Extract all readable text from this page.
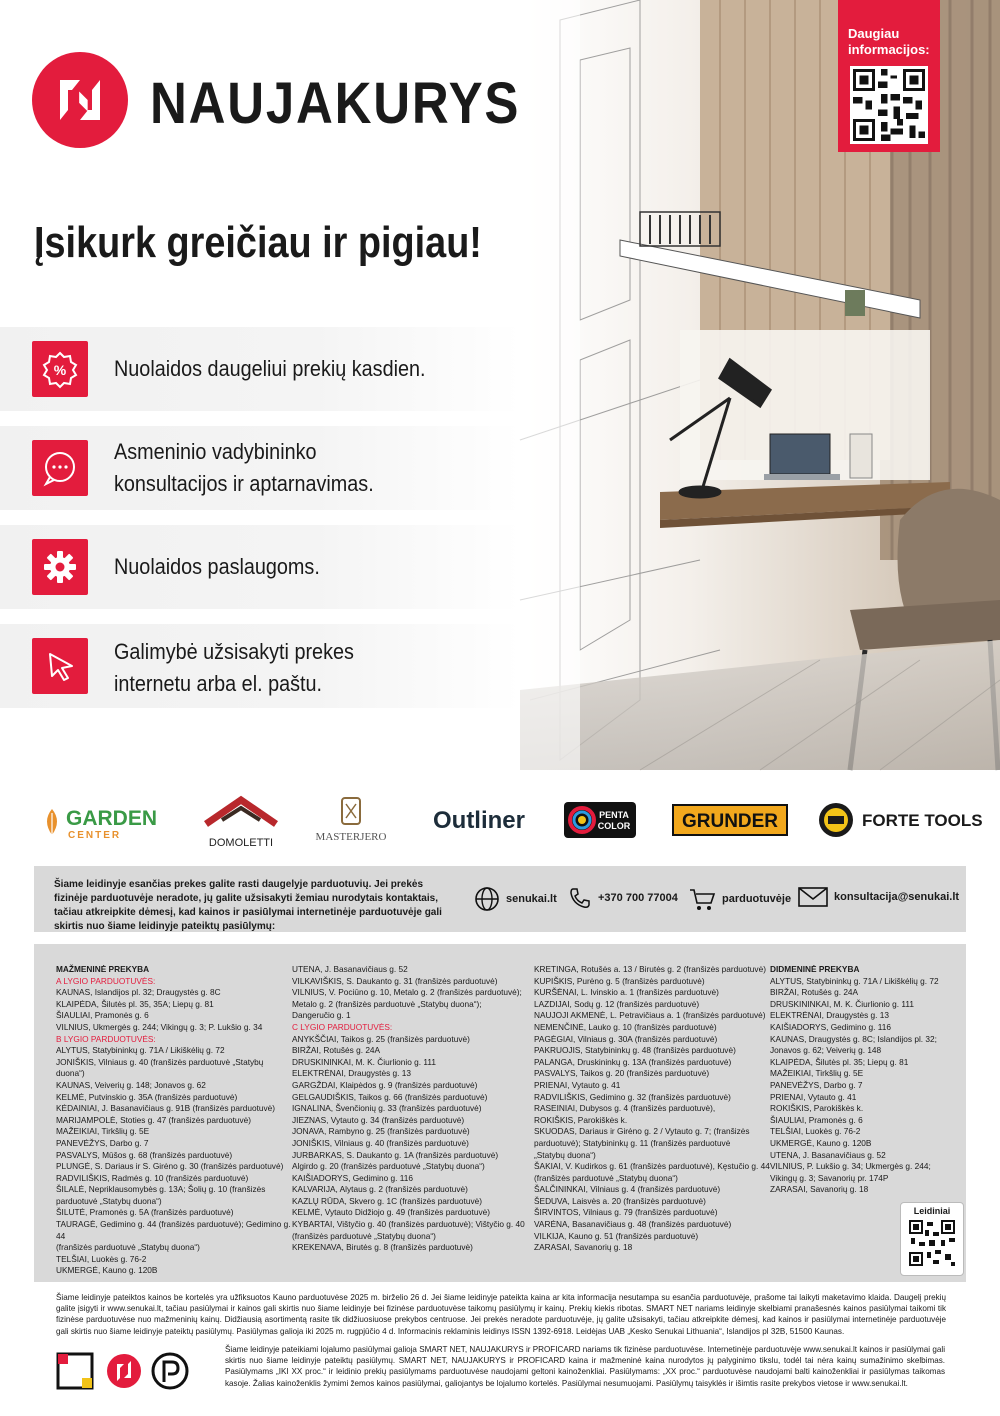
NAUJAKURYS
Daugiau informacijos:
Įsikurk greičiau ir pigiau!
% Nuolaidos daugeliui prekių kasdien.
Asmeninio vadybininko
konsultacijos ir aptarnavimas.
Nuolaidos paslaugoms.
Galimybė užsisakyti prekes
internetu arba el. paštu.
GARDEN
CENTER
DOMOLETTI	MASTERJERO
Outliner	PENTA
COLOR	GRUNDER	FORTE TOOLS
Šiame leidinyje esančias prekes galite rasti daugelyje parduotuvių. Jei prekės fizinėje parduotuvėje neradote, jų galite užsisakyti žemiau nurodytais kontaktais, tačiau atkreipkite dėmesį, kad kainos ir pasiūlymai internetinėje parduotuvėje gali skirtis nuo šiame leidinyje pateiktų pasiūlymų:
senukai.lt	+370 700 77004	parduotuvėje	konsultacija@senukai.lt
MAŽMENINĖ PREKYBA
A LYGIO PARDUOTUVĖS:
KAUNAS, Islandijos pl. 32; Draugystės g. 8C
KLAIPĖDA, Šilutės pl. 35, 35A; Liepų g. 81
ŠIAULIAI, Pramonės g. 6
VILNIUS, Ukmergės g. 244; Vikingų g. 3; P. Lukšio g. 34
B LYGIO PARDUOTUVĖS:
ALYTUS, Statybininkų g. 71A / Likiškėlių g. 72
JONIŠKIS, Vilniaus g. 40 (franšizės parduotuvė „Statybų duona“)
KAUNAS, Veiverių g. 148; Jonavos g. 62
KELMĖ, Putvinskio g. 35A (franšizės parduotuvė)
KĖDAINIAI, J. Basanavičiaus g. 91B (franšizės parduotuvė)
MARIJAMPOLĖ, Stoties g. 47 (franšizės parduotuvė)
MAŽEIKIAI, Tirkšlių g. 5E
PANEVĖŽYS, Darbo g. 7
PASVALYS, Mūšos g. 68 (franšizės parduotuvė)
PLUNGĖ, S. Dariaus ir S. Girėno g. 30 (franšizės parduotuvė)
RADVILIŠKIS, Radmės g. 10 (franšizės parduotuvė)
ŠILALĖ, Nepriklausomybės g. 13A; Šolių g. 10 (franšizės
parduotuvė „Statybų duona“)
ŠILUTĖ, Pramonės g. 5A (franšizės parduotuvė)
TAURAGĖ, Gedimino g. 44 (franšizės parduotuvė); Gedimino g. 44
(franšizės parduotuvė „Statybų duona“)
TELŠIAI, Luokės g. 76-2
UKMERGĖ, Kauno g. 120B
UTENA, J. Basanavičiaus g. 52
VILKAVIŠKIS, S. Daukanto g. 31 (franšizės parduotuvė)
VILNIUS, V. Pociūno g. 10, Metalo g. 2 (franšizės parduotuvė);
Metalo g. 2 (franšizės parduotuvė „Statybų duona“);
Dangeručio g. 1
C LYGIO PARDUOTUVĖS:
ANYKŠČIAI, Taikos g. 25 (franšizės parduotuvė)
BIRŽAI, Rotušės g. 24A
DRUSKININKAI, M. K. Čiurlionio g. 111
ELEKTRĖNAI, Draugystės g. 13
GARGŽDAI, Klaipėdos g. 9 (franšizės parduotuvė)
GELGAUDIŠKIS, Taikos g. 66 (franšizės parduotuvė)
IGNALINA, Švenčionių g. 33 (franšizės parduotuvė)
JIEZNAS, Vytauto g. 34 (franšizės parduotuvė)
JONAVA, Rambyno g. 25 (franšizės parduotuvė)
JONIŠKIS, Vilniaus g. 40 (franšizės parduotuvė)
JURBARKAS, S. Daukanto g. 1A (franšizės parduotuvė)
Algirdo g. 20 (franšizės parduotuvė „Statybų duona“)
KAIŠIADORYS, Gedimino g. 116
KALVARIJA, Alytaus g. 2 (franšizės parduotuvė)
KAZLŲ RŪDA, Skvero g. 1C (franšizės parduotuvė)
KELMĖ, Vytauto Didžiojo g. 49 (franšizės parduotuvė)
KYBARTAI, Vištyčio g. 40 (franšizės parduotuvė); Vištyčio g. 40
(franšizės parduotuvė „Statybų duona“)
KREKENAVA, Birutės g. 8 (franšizės parduotuvė)
KRETINGA, Rotušės a. 13 / Birutės g. 2 (franšizės parduotuvė)
KUPIŠKIS, Purėno g. 5 (franšizės parduotuvė)
KURŠĖNAI, L. Ivinskio a. 1 (franšizės parduotuvė)
LAZDIJAI, Sodų g. 12 (franšizės parduotuvė)
NAUJOJI AKMENĖ, L. Petravičiaus a. 1 (franšizės parduotuvė)
NEMENČINĖ, Lauko g. 10 (franšizės parduotuvė)
PAGĖGIAI, Vilniaus g. 30A (franšizės parduotuvė)
PAKRUOJIS, Statybininkų g. 48 (franšizės parduotuvė)
PALANGA, Druskininkų g. 13A (franšizės parduotuvė)
PASVALYS, Taikos g. 20 (franšizės parduotuvė)
PRIENAI, Vytauto g. 41
RADVILIŠKIS, Gedimino g. 32 (franšizės parduotuvė)
RASEINIAI, Dubysos g. 4 (franšizės parduotuvė),
ROKIŠKIS, Parokiškės k.
SKUODAS, Dariaus ir Girėno g. 2 / Vytauto g. 7; (franšizės
parduotuvė); Statybininkų g. 11 (franšizės parduotuvė
„Statybų duona“)
ŠAKIAI, V. Kudirkos g. 61 (franšizės parduotuvė), Kęstučio g. 44
(franšizės parduotuvė „Statybų duona“)
ŠALČININKAI, Vilniaus g. 4 (franšizės parduotuvė)
ŠEDUVA, Laisvės a. 20 (franšizės parduotuvė)
ŠIRVINTOS, Vilniaus g. 79 (franšizės parduotuvė)
VARĖNA, Basanavičiaus g. 48 (franšizės parduotuvė)
VILKIJA, Kauno g. 51 (franšizės parduotuvė)
ZARASAI, Savanorių g. 18
DIDMENINĖ PREKYBA
ALYTUS, Statybininkų g. 71A / Likiškėlių g. 72
BIRŽAI, Rotušės g. 24A
DRUSKININKAI, M. K. Čiurlionio g. 111
ELEKTRĖNAI, Draugystės g. 13
KAIŠIADORYS, Gedimino g. 116
KAUNAS, Draugystės g. 8C; Islandijos pl. 32;
Jonavos g. 62; Veiverių g. 148
KLAIPĖDA, Šilutės pl. 35; Liepų g. 81
MAŽEIKIAI, Tirkšlių g. 5E
PANEVĖŽYS, Darbo g. 7
PRIENAI, Vytauto g. 41
ROKIŠKIS, Parokiškės k.
ŠIAULIAI, Pramonės g. 6
TELŠIAI, Luokės g. 76-2
UKMERGĖ, Kauno g. 120B
UTENA, J. Basanavičiaus g. 52
VILNIUS, P. Lukšio g. 34; Ukmergės g. 244;
Vikingų g. 3; Savanorių pr. 174P
ZARASAI, Savanorių g. 18
Leidiniai
Šiame leidinyje pateiktos kainos be kortelės yra užfiksuotos Kauno parduotuvėse 2025 m. birželio 26 d. Jei šiame leidinyje pateikta kaina ar kita informacija nesutampa su esančia parduotuvėje, prašome tai laikyti maketavimo klaida. Daugelį prekių galite įsigyti ir www.senukai.lt, tačiau pasiūlymai ir kainos gali skirtis nuo šiame leidinyje bei fizinėse parduotuvėse taikomų pasiūlymų ir kainų. Prekių kiekis ribotas. SMART NET nariams leidinyje skelbiami pranašesnės kainos pasiūlymai taikomi tik fizinėse parduotuvėse nuo mažmeninių kainų. Didžiausią asortimentą rasite tik didžiuosiuose prekybos centruose. Jei prekės neradote parduotuvėje, jų galite užsisakyti, tačiau atkreipkite dėmesį, kad kainos ir pasiūlymai internetinėje parduotuvėje gali skirtis nuo šiame leidinyje pateiktų pasiūlymų. Pasiūlymas galioja iki 2025 m. rugpjūčio 4 d. Informacinis reklaminis leidinys ISSN 1392-6918. Leidėjas UAB „Kesko Senukai Lithuania“, Islandijos pl 32B, 51500 Kaunas.
Šiame leidinyje pateikiami lojalumo pasiūlymai galioja SMART NET, NAUJAKURYS ir PROFICARD nariams tik fizinėse parduotuvėse. Internetinėje parduotuvėje www.senukai.lt kainos ir pasiūlymai gali skirtis nuo šiame leidinyje pateiktų pasiūlymų. SMART NET, NAUJAKURYS ir PROFICARD kaina ir mažmeninė kaina nurodytos jų palyginimo tikslu, todėl tai nėra kainų sumažinimo skelbimas. Pasiūlymams „IKI XX proc.“ ir leidinio prekių pasiūlymams parduotuvėse naudojami geltoni kainoženkliai. Pasiūlymams: „XX proc.“ parduotuvėse naudojami balti kainoženkliai ir pasiūlymas taikomas kasoje. Žalias kainoženklis žymimi žemos kainos pasiūlymai, galiojantys be lojalumo kortelės. Pasiūlymai nesumuojami. Pasiūlymų taisyklės ir išimtis rasite prekybos vietose ir www.senukai.lt.
